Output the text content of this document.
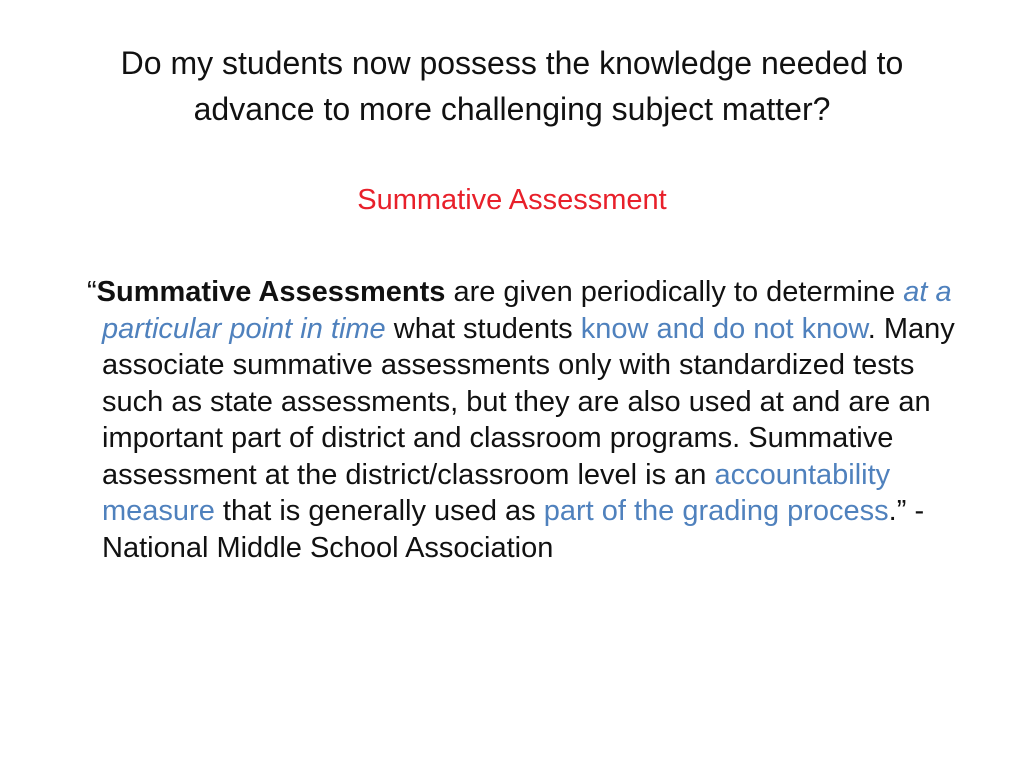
Do my students now possess the knowledge needed to
advance to more challenging subject matter?
Summative Assessment

“Summative Assessments are given periodically to determine at a particular point in time what students know and do not know. Many associate summative assessments only with standardized tests such as state assessments, but they are also used at and are an important part of district and classroom programs. Summative assessment at the district/classroom level is an accountability measure that is generally used as part of the grading process.” - National Middle School Association
